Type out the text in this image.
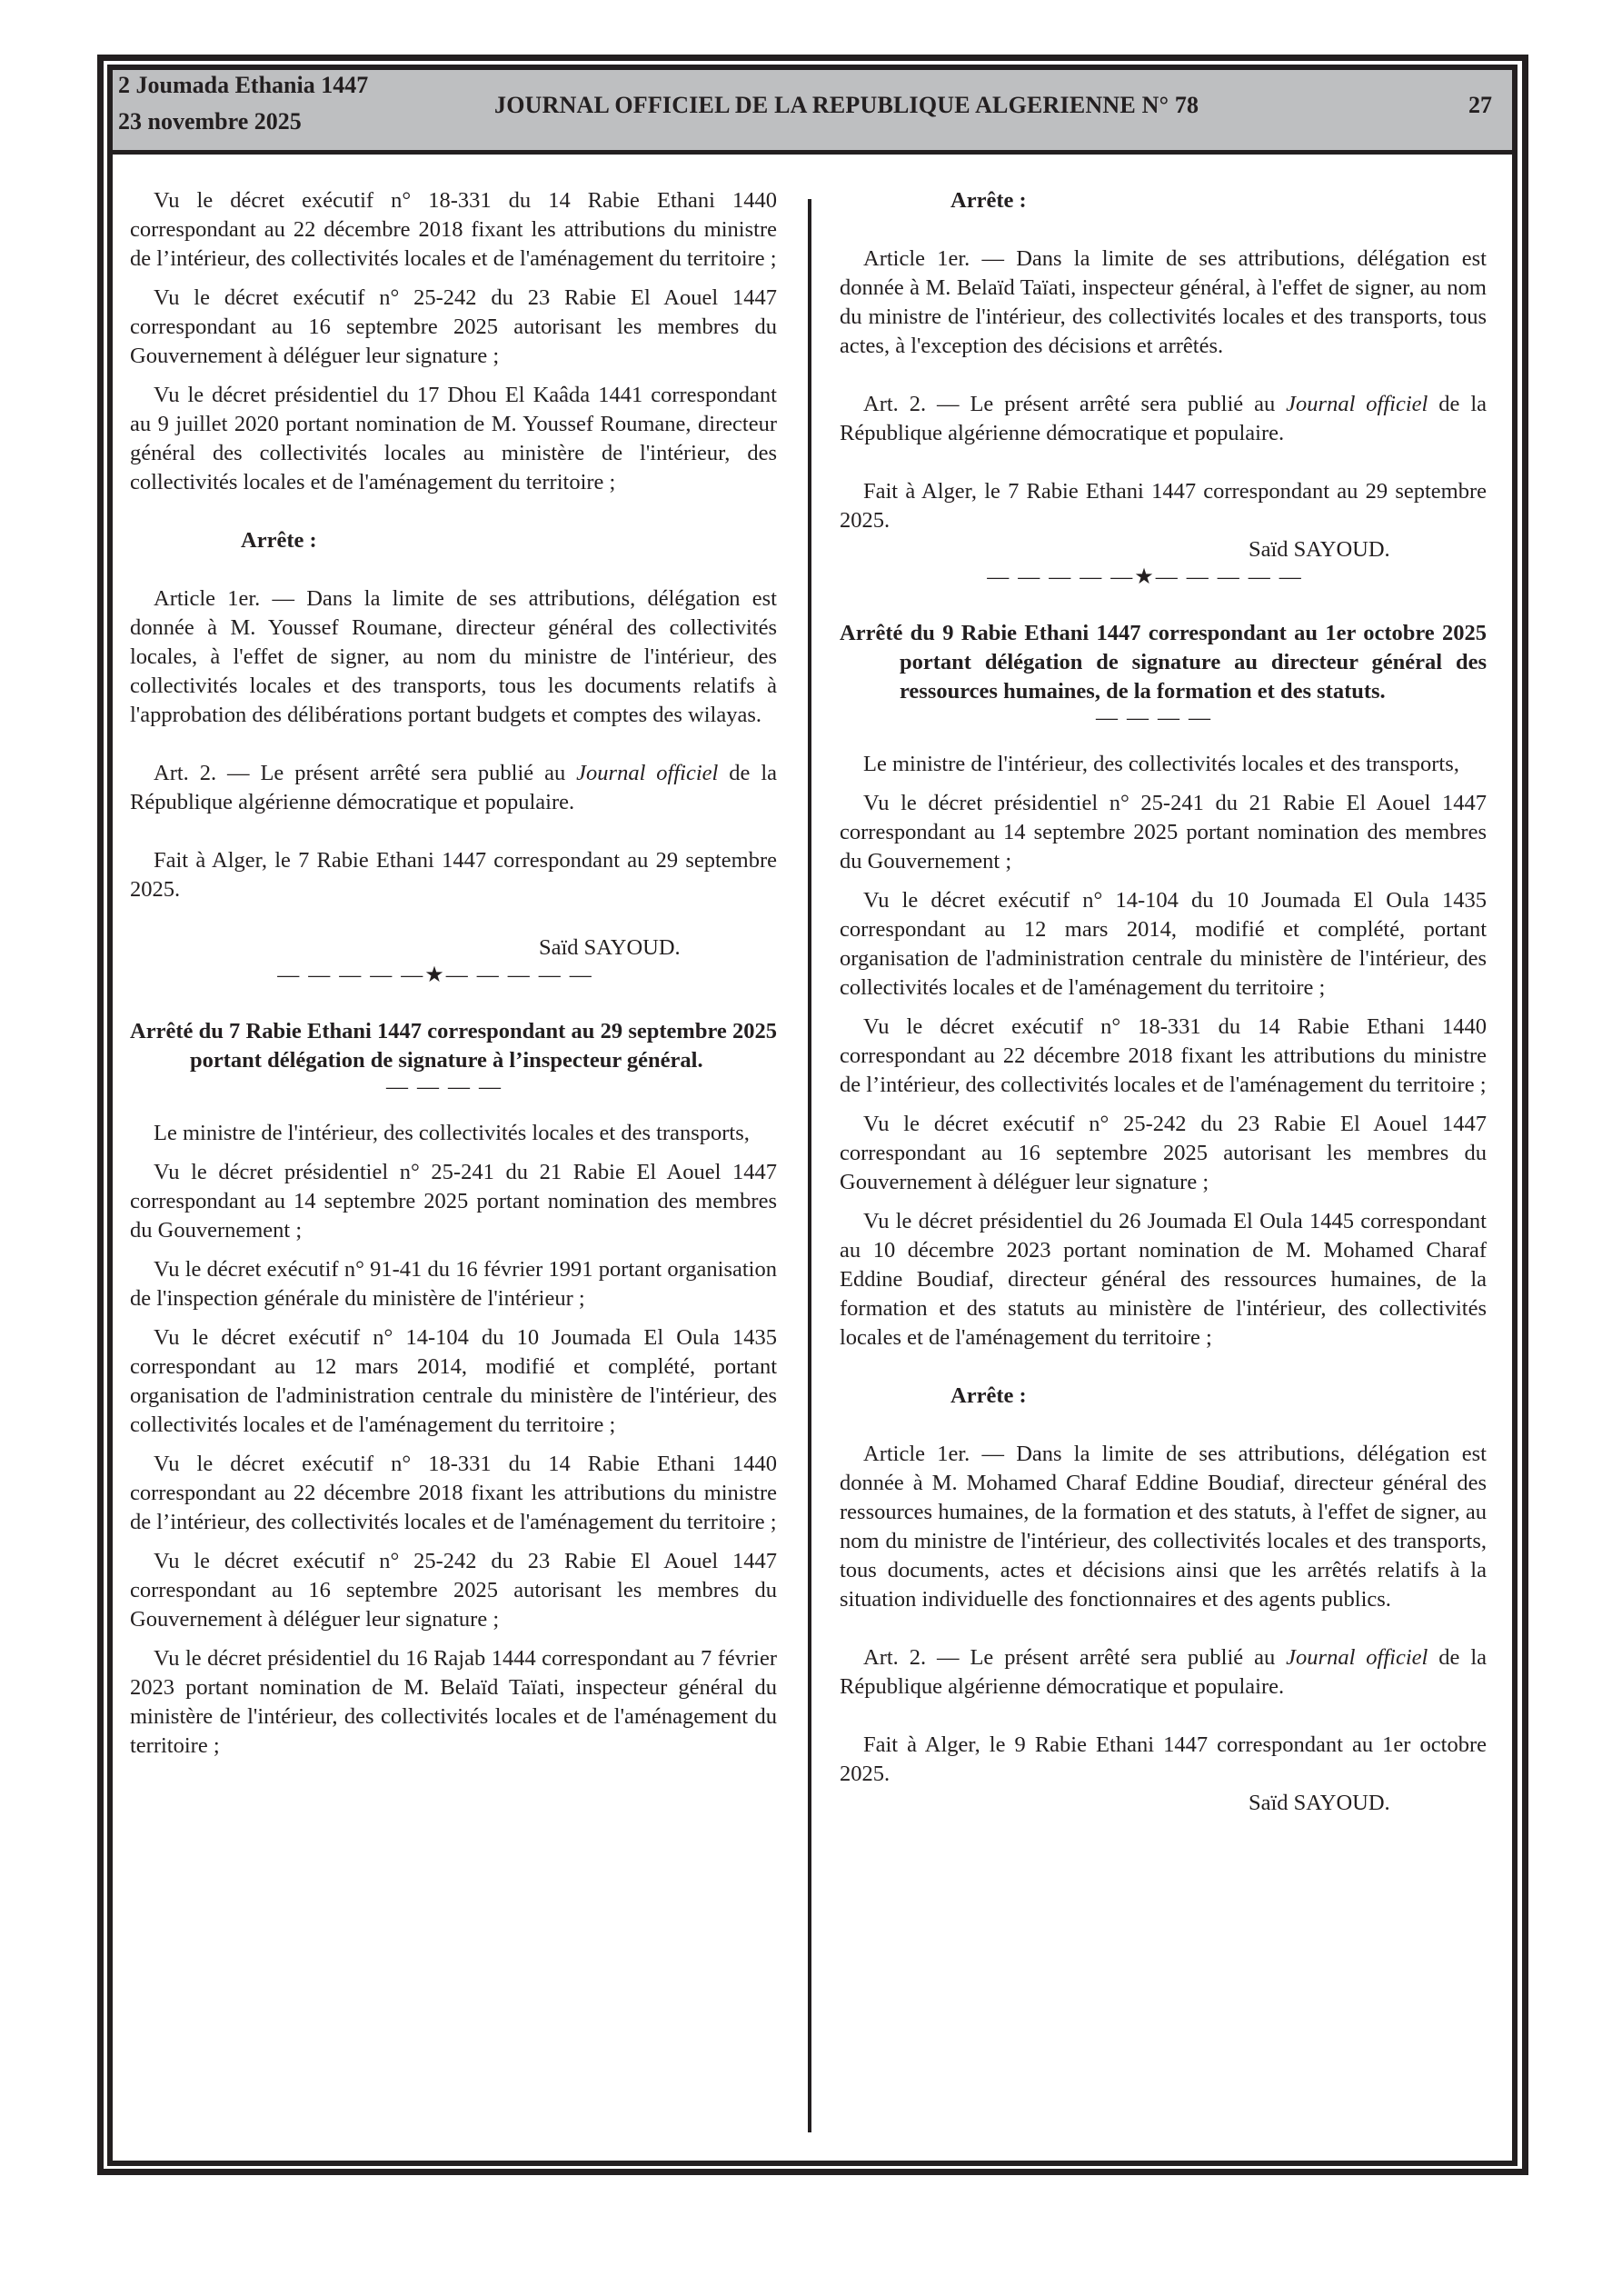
2 Joumada Ethania 1447
23 novembre 2025
JOURNAL OFFICIEL DE LA REPUBLIQUE ALGERIENNE N° 78	27

Vu le décret exécutif n° 18-331 du 14 Rabie Ethani 1440 correspondant au 22 décembre 2018 fixant les attributions du ministre de l’intérieur, des collectivités locales et de l'aménagement du territoire ;

Vu le décret exécutif n° 25-242 du 23 Rabie El Aouel 1447 correspondant au 16 septembre 2025 autorisant les membres du Gouvernement à déléguer leur signature ;

Vu le décret présidentiel du 17 Dhou El Kaâda 1441 correspondant au 9 juillet 2020 portant nomination de M. Youssef Roumane, directeur général des collectivités locales au ministère de l'intérieur, des collectivités locales et de l'aménagement du territoire ;

Arrête :

Article 1er. — Dans la limite de ses attributions, délégation est donnée à M. Youssef Roumane, directeur général des collectivités locales, à l'effet de signer, au nom du ministre de l'intérieur, des collectivités locales et des transports, tous les documents relatifs à l'approbation des délibérations portant budgets et comptes des wilayas.

Art. 2. — Le présent arrêté sera publié au Journal officiel de la République algérienne démocratique et populaire.

Fait à Alger, le 7 Rabie Ethani 1447 correspondant au 29 septembre 2025.

Saïd SAYOUD.

— — — — —★— — — — —

Arrêté du 7 Rabie Ethani 1447 correspondant au 29 septembre 2025 portant délégation de signature à l’inspecteur général.

— — — —

Le ministre de l'intérieur, des collectivités locales et des transports,

Vu le décret présidentiel n° 25-241 du 21 Rabie El Aouel 1447 correspondant au 14 septembre 2025 portant nomination des membres du Gouvernement ;

Vu le décret exécutif n° 91-41 du 16 février 1991 portant organisation de l'inspection générale du ministère de l'intérieur ;

Vu le décret exécutif n° 14-104 du 10 Joumada El Oula 1435 correspondant au 12 mars 2014, modifié et complété, portant organisation de l'administration centrale du ministère de l'intérieur, des collectivités locales et de l'aménagement du territoire ;

Vu le décret exécutif n° 18-331 du 14 Rabie Ethani 1440 correspondant au 22 décembre 2018 fixant les attributions du ministre de l’intérieur, des collectivités locales et de l'aménagement du territoire ;

Vu le décret exécutif n° 25-242 du 23 Rabie El Aouel 1447 correspondant au 16 septembre 2025 autorisant les membres du Gouvernement à déléguer leur signature ;

Vu le décret présidentiel du 16 Rajab 1444 correspondant au 7 février 2023 portant nomination de M. Belaïd Taïati, inspecteur général du ministère de l'intérieur, des collectivités locales et de l'aménagement du territoire ;

Arrête :

Article 1er. — Dans la limite de ses attributions, délégation est donnée à M. Belaïd Taïati, inspecteur général, à l'effet de signer, au nom du ministre de l'intérieur, des collectivités locales et des transports, tous actes, à l'exception des décisions et arrêtés.

Art. 2. — Le présent arrêté sera publié au Journal officiel de la République algérienne démocratique et populaire.

Fait à Alger, le 7 Rabie Ethani 1447 correspondant au 29 septembre 2025.

Saïd SAYOUD.

— — — — —★— — — — —

Arrêté du 9 Rabie Ethani 1447 correspondant au 1er octobre 2025 portant délégation de signature au directeur général des ressources humaines, de la formation et des statuts.

— — — —

Le ministre de l'intérieur, des collectivités locales et des transports,

Vu le décret présidentiel n° 25-241 du 21 Rabie El Aouel 1447 correspondant au 14 septembre 2025 portant nomination des membres du Gouvernement ;

Vu le décret exécutif n° 14-104 du 10 Joumada El Oula 1435 correspondant au 12 mars 2014, modifié et complété, portant organisation de l'administration centrale du ministère de l'intérieur, des collectivités locales et de l'aménagement du territoire ;

Vu le décret exécutif n° 18-331 du 14 Rabie Ethani 1440 correspondant au 22 décembre 2018 fixant les attributions du ministre de l’intérieur, des collectivités locales et de l'aménagement du territoire ;

Vu le décret exécutif n° 25-242 du 23 Rabie El Aouel 1447 correspondant au 16 septembre 2025 autorisant les membres du Gouvernement à déléguer leur signature ;

Vu le décret présidentiel du 26 Joumada El Oula 1445 correspondant au 10 décembre 2023 portant nomination de M. Mohamed Charaf Eddine Boudiaf, directeur général des ressources humaines, de la formation et des statuts au ministère de l'intérieur, des collectivités locales et de l'aménagement du territoire ;

Arrête :

Article 1er. — Dans la limite de ses attributions, délégation est donnée à M. Mohamed Charaf Eddine Boudiaf, directeur général des ressources humaines, de la formation et des statuts, à l'effet de signer, au nom du ministre de l'intérieur, des collectivités locales et des transports, tous documents, actes et décisions ainsi que les arrêtés relatifs à la situation individuelle des fonctionnaires et des agents publics.

Art. 2. — Le présent arrêté sera publié au Journal officiel de la République algérienne démocratique et populaire.

Fait à Alger, le 9 Rabie Ethani 1447 correspondant au 1er octobre 2025.

Saïd SAYOUD.
